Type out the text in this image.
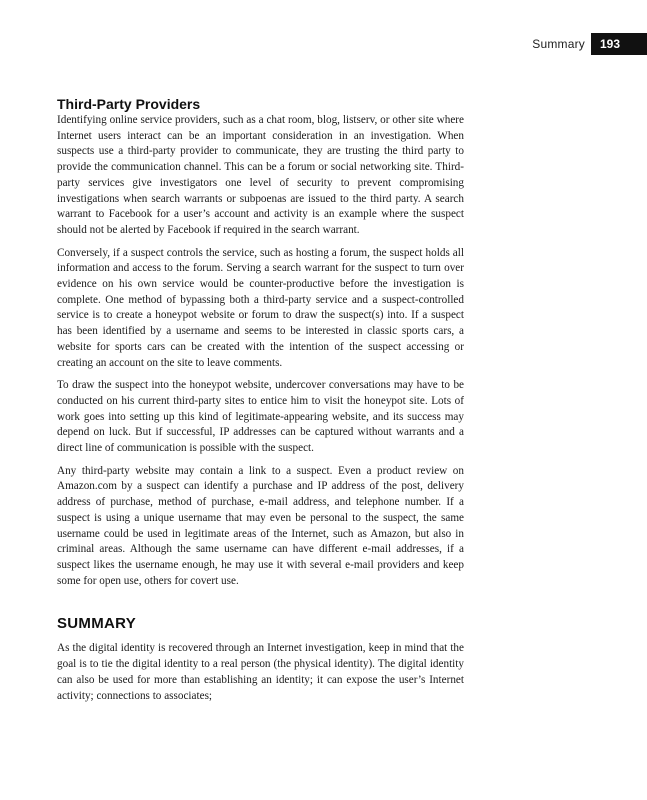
Summary	193
Third-Party Providers

Identifying online service providers, such as a chat room, blog, listserv, or other site where Internet users interact can be an important consideration in an investigation. When suspects use a third-party provider to communicate, they are trusting the third party to provide the communication channel. This can be a forum or social networking site. Third-party services give investigators one level of security to prevent compromising investigations when search warrants or subpoenas are issued to the third party. A search warrant to Facebook for a user’s account and activity is an example where the suspect should not be alerted by Facebook if required in the search warrant.

Conversely, if a suspect controls the service, such as hosting a forum, the suspect holds all information and access to the forum. Serving a search warrant for the suspect to turn over evidence on his own service would be counter-productive before the investigation is complete. One method of bypassing both a third-party service and a suspect-controlled service is to create a honeypot website or forum to draw the suspect(s) into. If a suspect has been identified by a username and seems to be interested in classic sports cars, a website for sports cars can be created with the intention of the suspect accessing or creating an account on the site to leave comments.

To draw the suspect into the honeypot website, undercover conversations may have to be conducted on his current third-party sites to entice him to visit the honeypot site. Lots of work goes into setting up this kind of legitimate-appearing website, and its success may depend on luck. But if successful, IP addresses can be captured without warrants and a direct line of communication is possible with the suspect.

Any third-party website may contain a link to a suspect. Even a product review on Amazon.com by a suspect can identify a purchase and IP address of the post, delivery address of purchase, method of purchase, e-mail address, and telephone number. If a suspect is using a unique username that may even be personal to the suspect, the same username could be used in legitimate areas of the Internet, such as Amazon, but also in criminal areas. Although the same username can have different e-mail addresses, if a suspect likes the username enough, he may use it with several e-mail providers and keep some for open use, others for covert use.

SUMMARY

As the digital identity is recovered through an Internet investigation, keep in mind that the goal is to tie the digital identity to a real person (the physical identity). The digital identity can also be used for more than establishing an identity; it can expose the user’s Internet activity; connections to associates;
